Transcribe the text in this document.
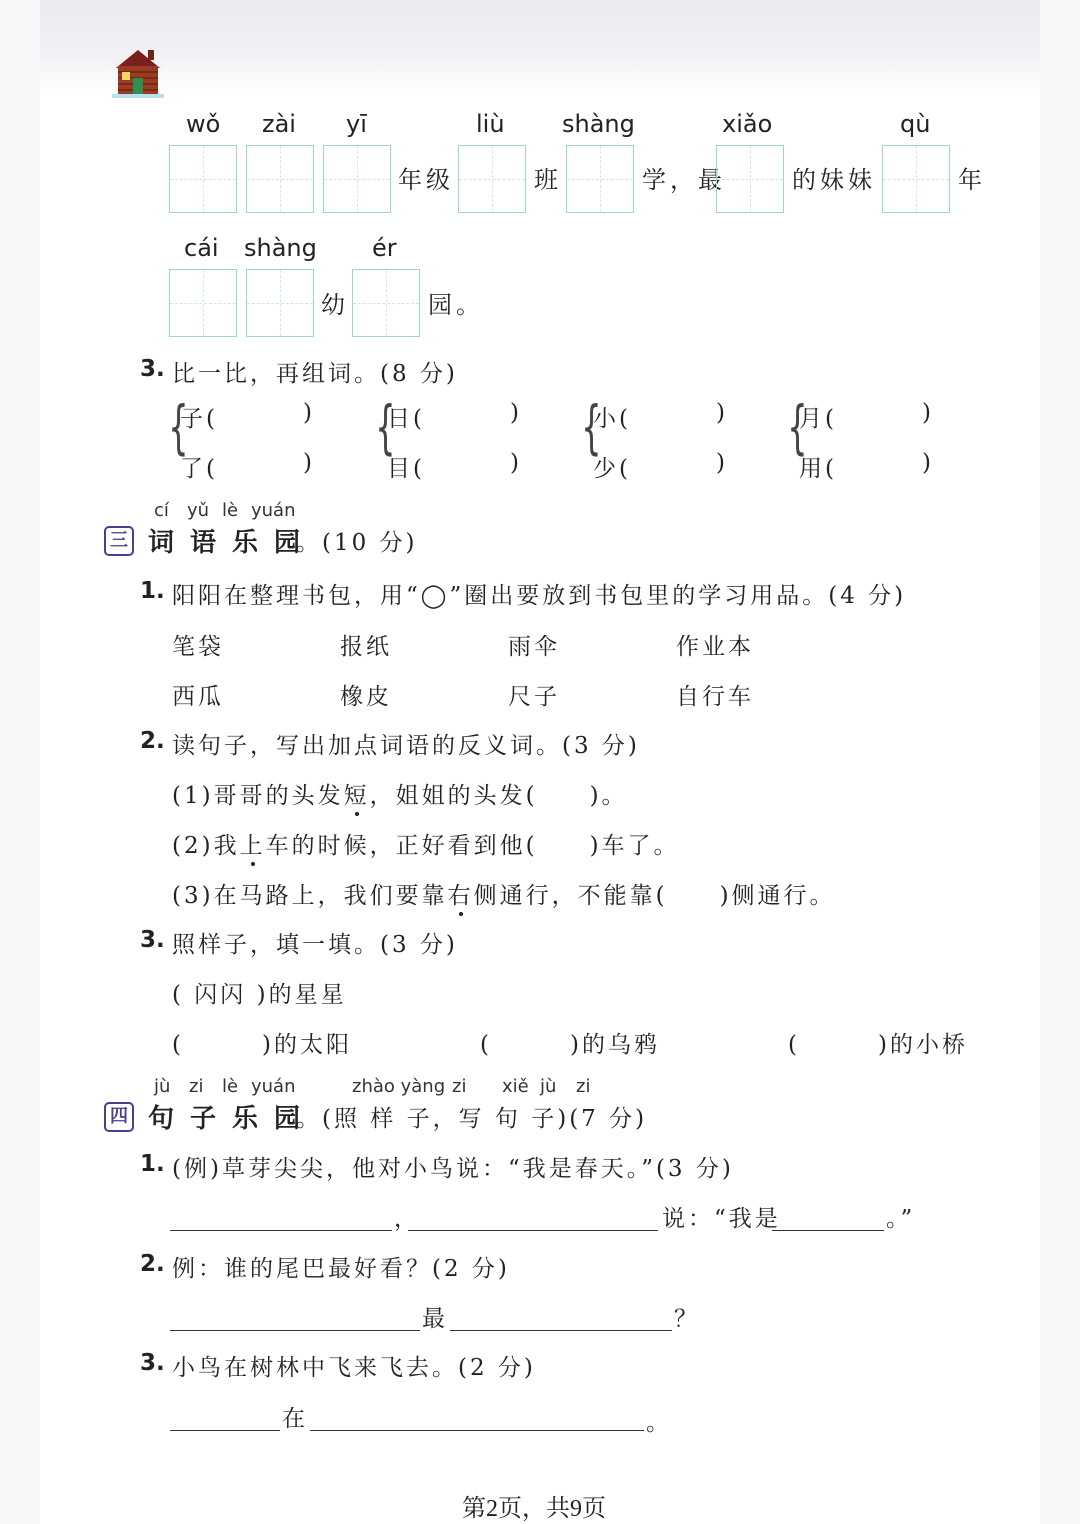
wǒ zài yī	liù shàng	xiǎo	qù
年级	班	学，最	的妹妹	年
cái shàng ér
幼	园。
3. 比一比，再组词。(8 分)
{
子(	)
了(	)
{
日(	)
目(	)
{
小(	)
少(	)
{
月(	)
用(	)
cí yǔ lè yuán
三 词语乐园
。(10 分)
1. 阳阳在整理书包，用“◯”圈出要放到书包里的学习用品。(4 分)
笔袋	报纸	雨伞	作业本
西瓜	橡皮	尺子	自行车
2. 读句子，写出加点词语的反义词。(3 分)
(1)哥哥的头发短，姐姐的头发(　　)。
(2)我上车的时候，正好看到他(　　)车了。
(3)在马路上，我们要靠右侧通行，不能靠(　　)侧通行。
3. 照样子，填一填。(3 分)
( 闪闪 )的星星
(　　　)的太阳	(　　　)的乌鸦	(　　　)的小桥
jù zi lè yuán	zhào yàng zi xiě jù zi
四 句子乐园
。(照 样 子，写 句 子)(7 分)
1. (例)草芽尖尖，他对小鸟说：“我是春天。”(3 分)
，	说：“我是	。”
2. 例：谁的尾巴最好看？(2 分)
最	？
3. 小鸟在树林中飞来飞去。(2 分)
在	。
第2页，共9页
